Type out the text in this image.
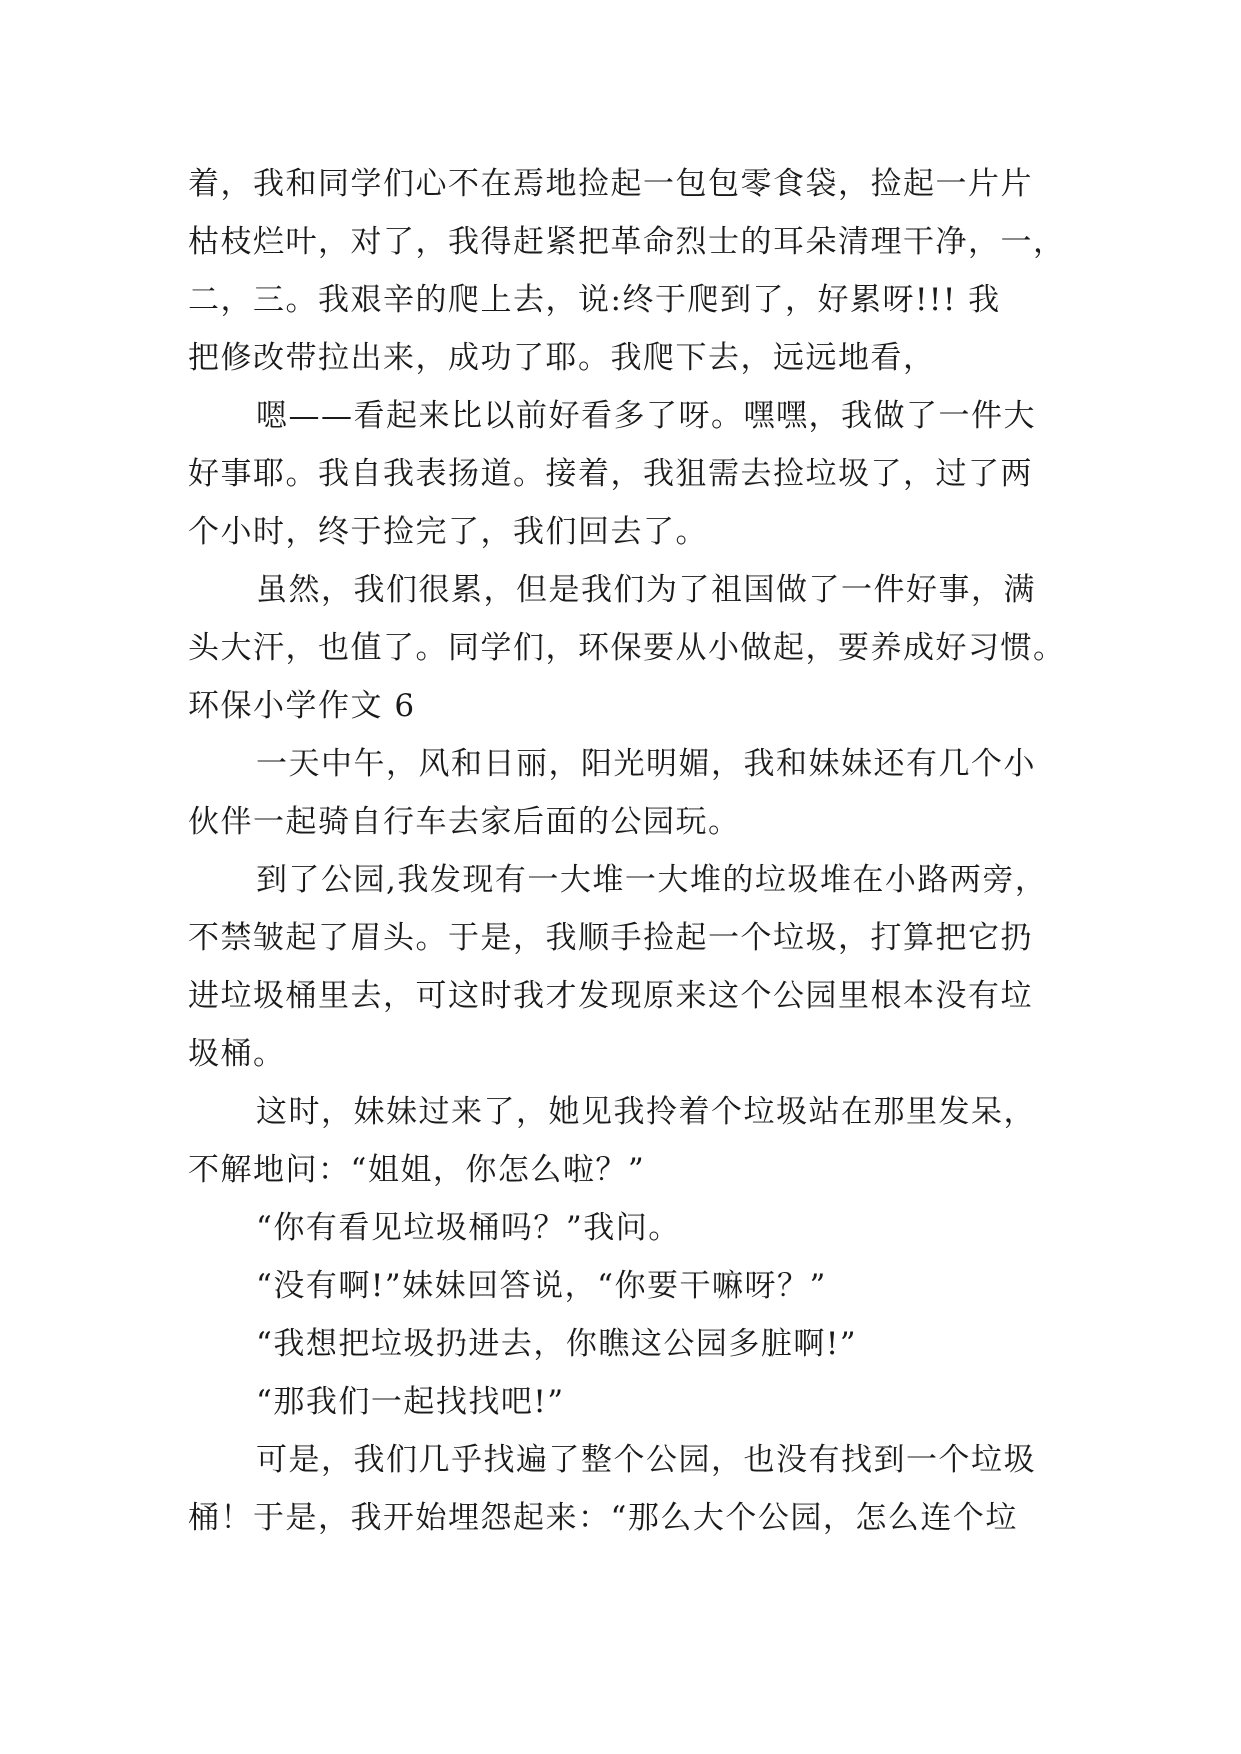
着，我和同学们心不在焉地捡起一包包零食袋，捡起一片片
枯枝烂叶，对了，我得赶紧把革命烈士的耳朵清理干净，一，
二，三。我艰辛的爬上去，说:终于爬到了，好累呀!!! 我
把修改带拉出来，成功了耶。我爬下去，远远地看，
嗯——看起来比以前好看多了呀。嘿嘿，我做了一件大
好事耶。我自我表扬道。接着，我狙需去捡垃圾了，过了两
个小时，终于捡完了，我们回去了。
虽然，我们很累，但是我们为了祖国做了一件好事，满
头大汗，也值了。同学们，环保要从小做起，要养成好习惯。
环保小学作文 6
一天中午，风和日丽，阳光明媚，我和妹妹还有几个小
伙伴一起骑自行车去家后面的公园玩。
到了公园,我发现有一大堆一大堆的垃圾堆在小路两旁，
不禁皱起了眉头。于是，我顺手捡起一个垃圾，打算把它扔
进垃圾桶里去，可这时我才发现原来这个公园里根本没有垃
圾桶。
这时，妹妹过来了，她见我拎着个垃圾站在那里发呆，
不解地问：“姐姐，你怎么啦？”
“你有看见垃圾桶吗？”我问。
“没有啊!”妹妹回答说，“你要干嘛呀？”
“我想把垃圾扔进去，你瞧这公园多脏啊!”
“那我们一起找找吧!”
可是，我们几乎找遍了整个公园，也没有找到一个垃圾
桶！于是，我开始埋怨起来：“那么大个公园，怎么连个垃
